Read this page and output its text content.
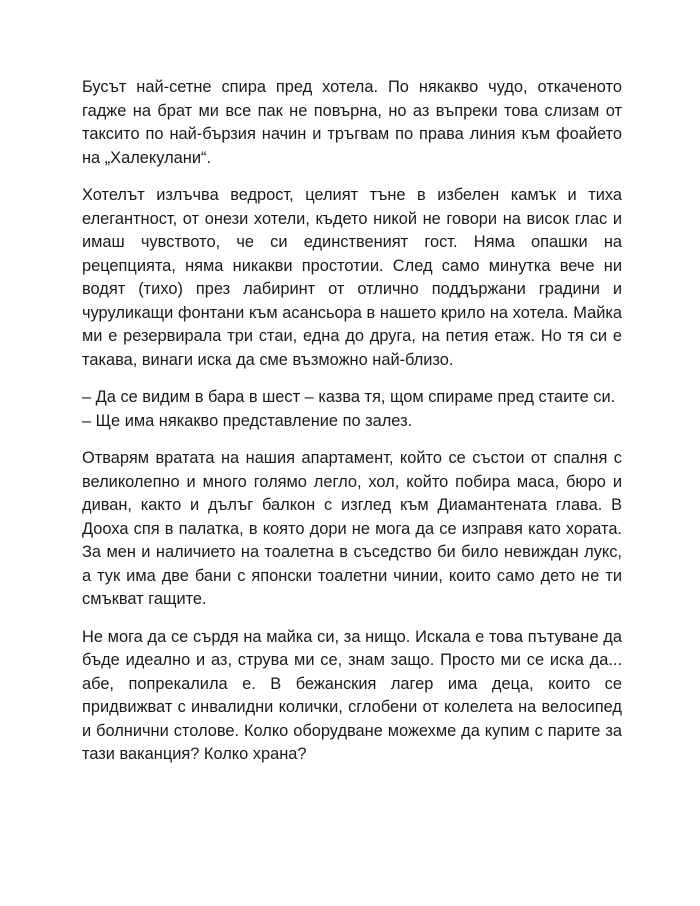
Бусът най-сетне спира пред хотела. По някакво чудо, откаченото гадже на брат ми все пак не повърна, но аз въпреки това слизам от таксито по най-бързия начин и тръгвам по права линия към фоайето на „Халекулани“.

Хотелът излъчва ведрост, целият тъне в избелен камък и тиха елегантност, от онези хотели, където никой не говори на висок глас и имаш чувството, че си единственият гост. Няма опашки на рецепцията, няма никакви простотии. След само минутка вече ни водят (тихо) през лабиринт от отлично поддържани градини и чуруликащи фонтани към асансьора в нашето крило на хотела. Майка ми е резервирала три стаи, една до друга, на петия етаж. Но тя си е такава, винаги иска да сме възможно най-близо.

– Да се видим в бара в шест – казва тя, щом спираме пред стаите си.

– Ще има някакво представление по залез.

Отварям вратата на нашия апартамент, който се състои от спалня с великолепно и много голямо легло, хол, който побира маса, бюро и диван, както и дълъг балкон с изглед към Диамантената глава. В Дооха спя в палатка, в която дори не мога да се изправя като хората. За мен и наличието на тоалетна в съседство би било невиждан лукс, а тук има две бани с японски тоалетни чинии, които само дето не ти смъкват гащите.

Не мога да се сърдя на майка си, за нищо. Искала е това пътуване да бъде идеално и аз, струва ми се, знам защо. Просто ми се иска да... абе, попрекалила е. В бежанския лагер има деца, които се придвижват с инвалидни колички, сглобени от колелета на велосипед и болнични столове. Колко оборудване можехме да купим с парите за тази ваканция? Колко храна?
